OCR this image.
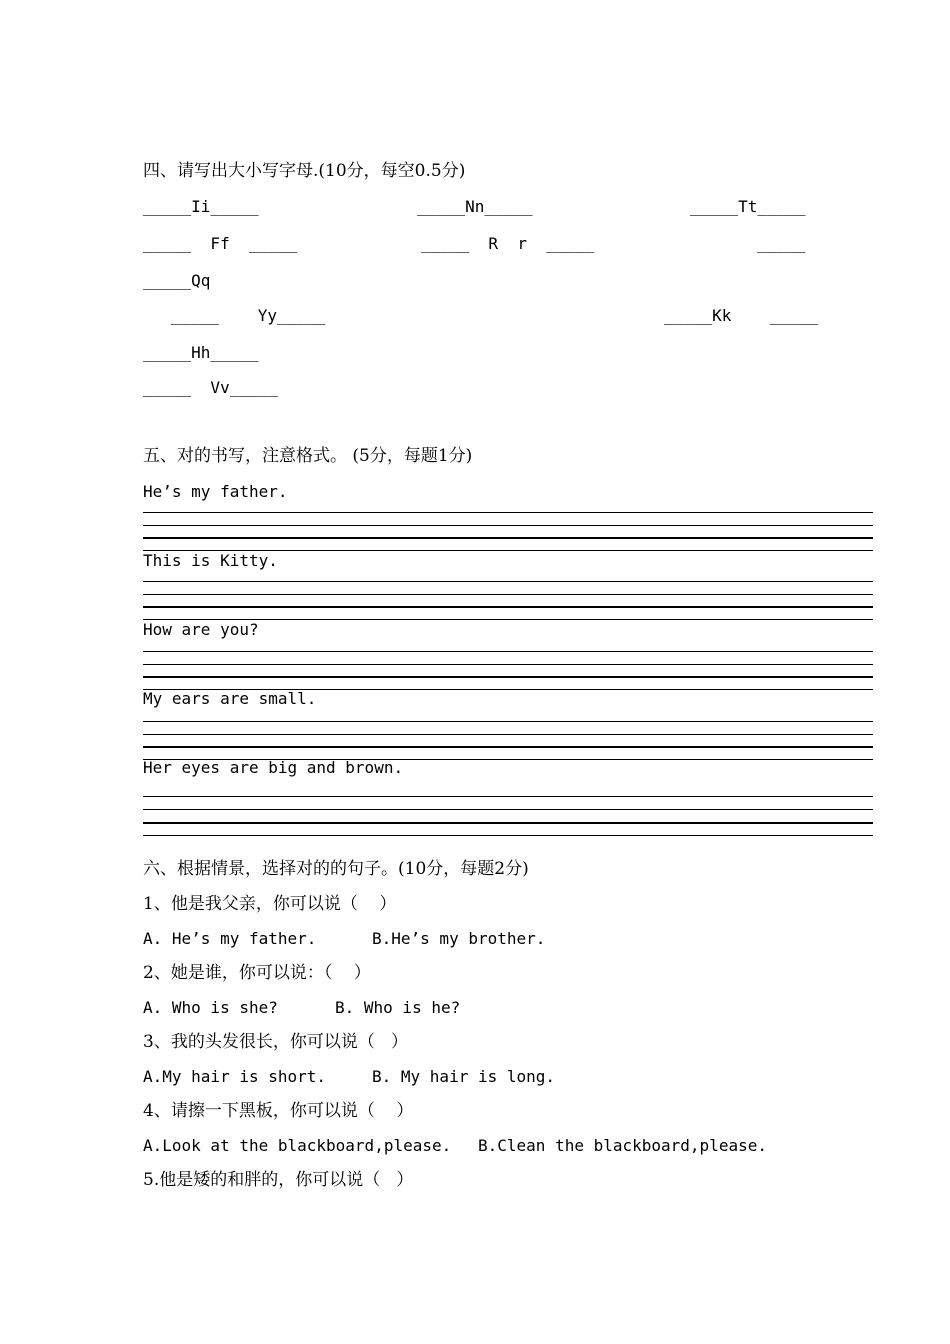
四、请写出大小写字母.(10分，每空0.5分)
_____Ii_____	_____Nn_____	_____Tt_____
_____  Ff  _____	_____  R  r  _____	_____
_____Qq
_____    Yy_____	_____Kk    _____
_____Hh_____
_____  Vv_____
五、对的书写，注意格式。 (5分，每题1分)
He’s my father.
This is Kitty.
How are you?
My ears are small.
Her eyes are big and brown.
六、根据情景，选择对的的句子。(10分，每题2分)
1、他是我父亲，你可以说（    ）
A. He’s my father.	B.He’s my brother.
2、她是谁，你可以说：（    ）
A. Who is she?	B. Who is he?
3、我的头发很长，你可以说（   ）
A.My hair is short.	B. My hair is long.
4、请擦一下黑板，你可以说（    ）
A.Look at the blackboard,please. B.Clean the blackboard,please.
5.他是矮的和胖的，你可以说（   ）
